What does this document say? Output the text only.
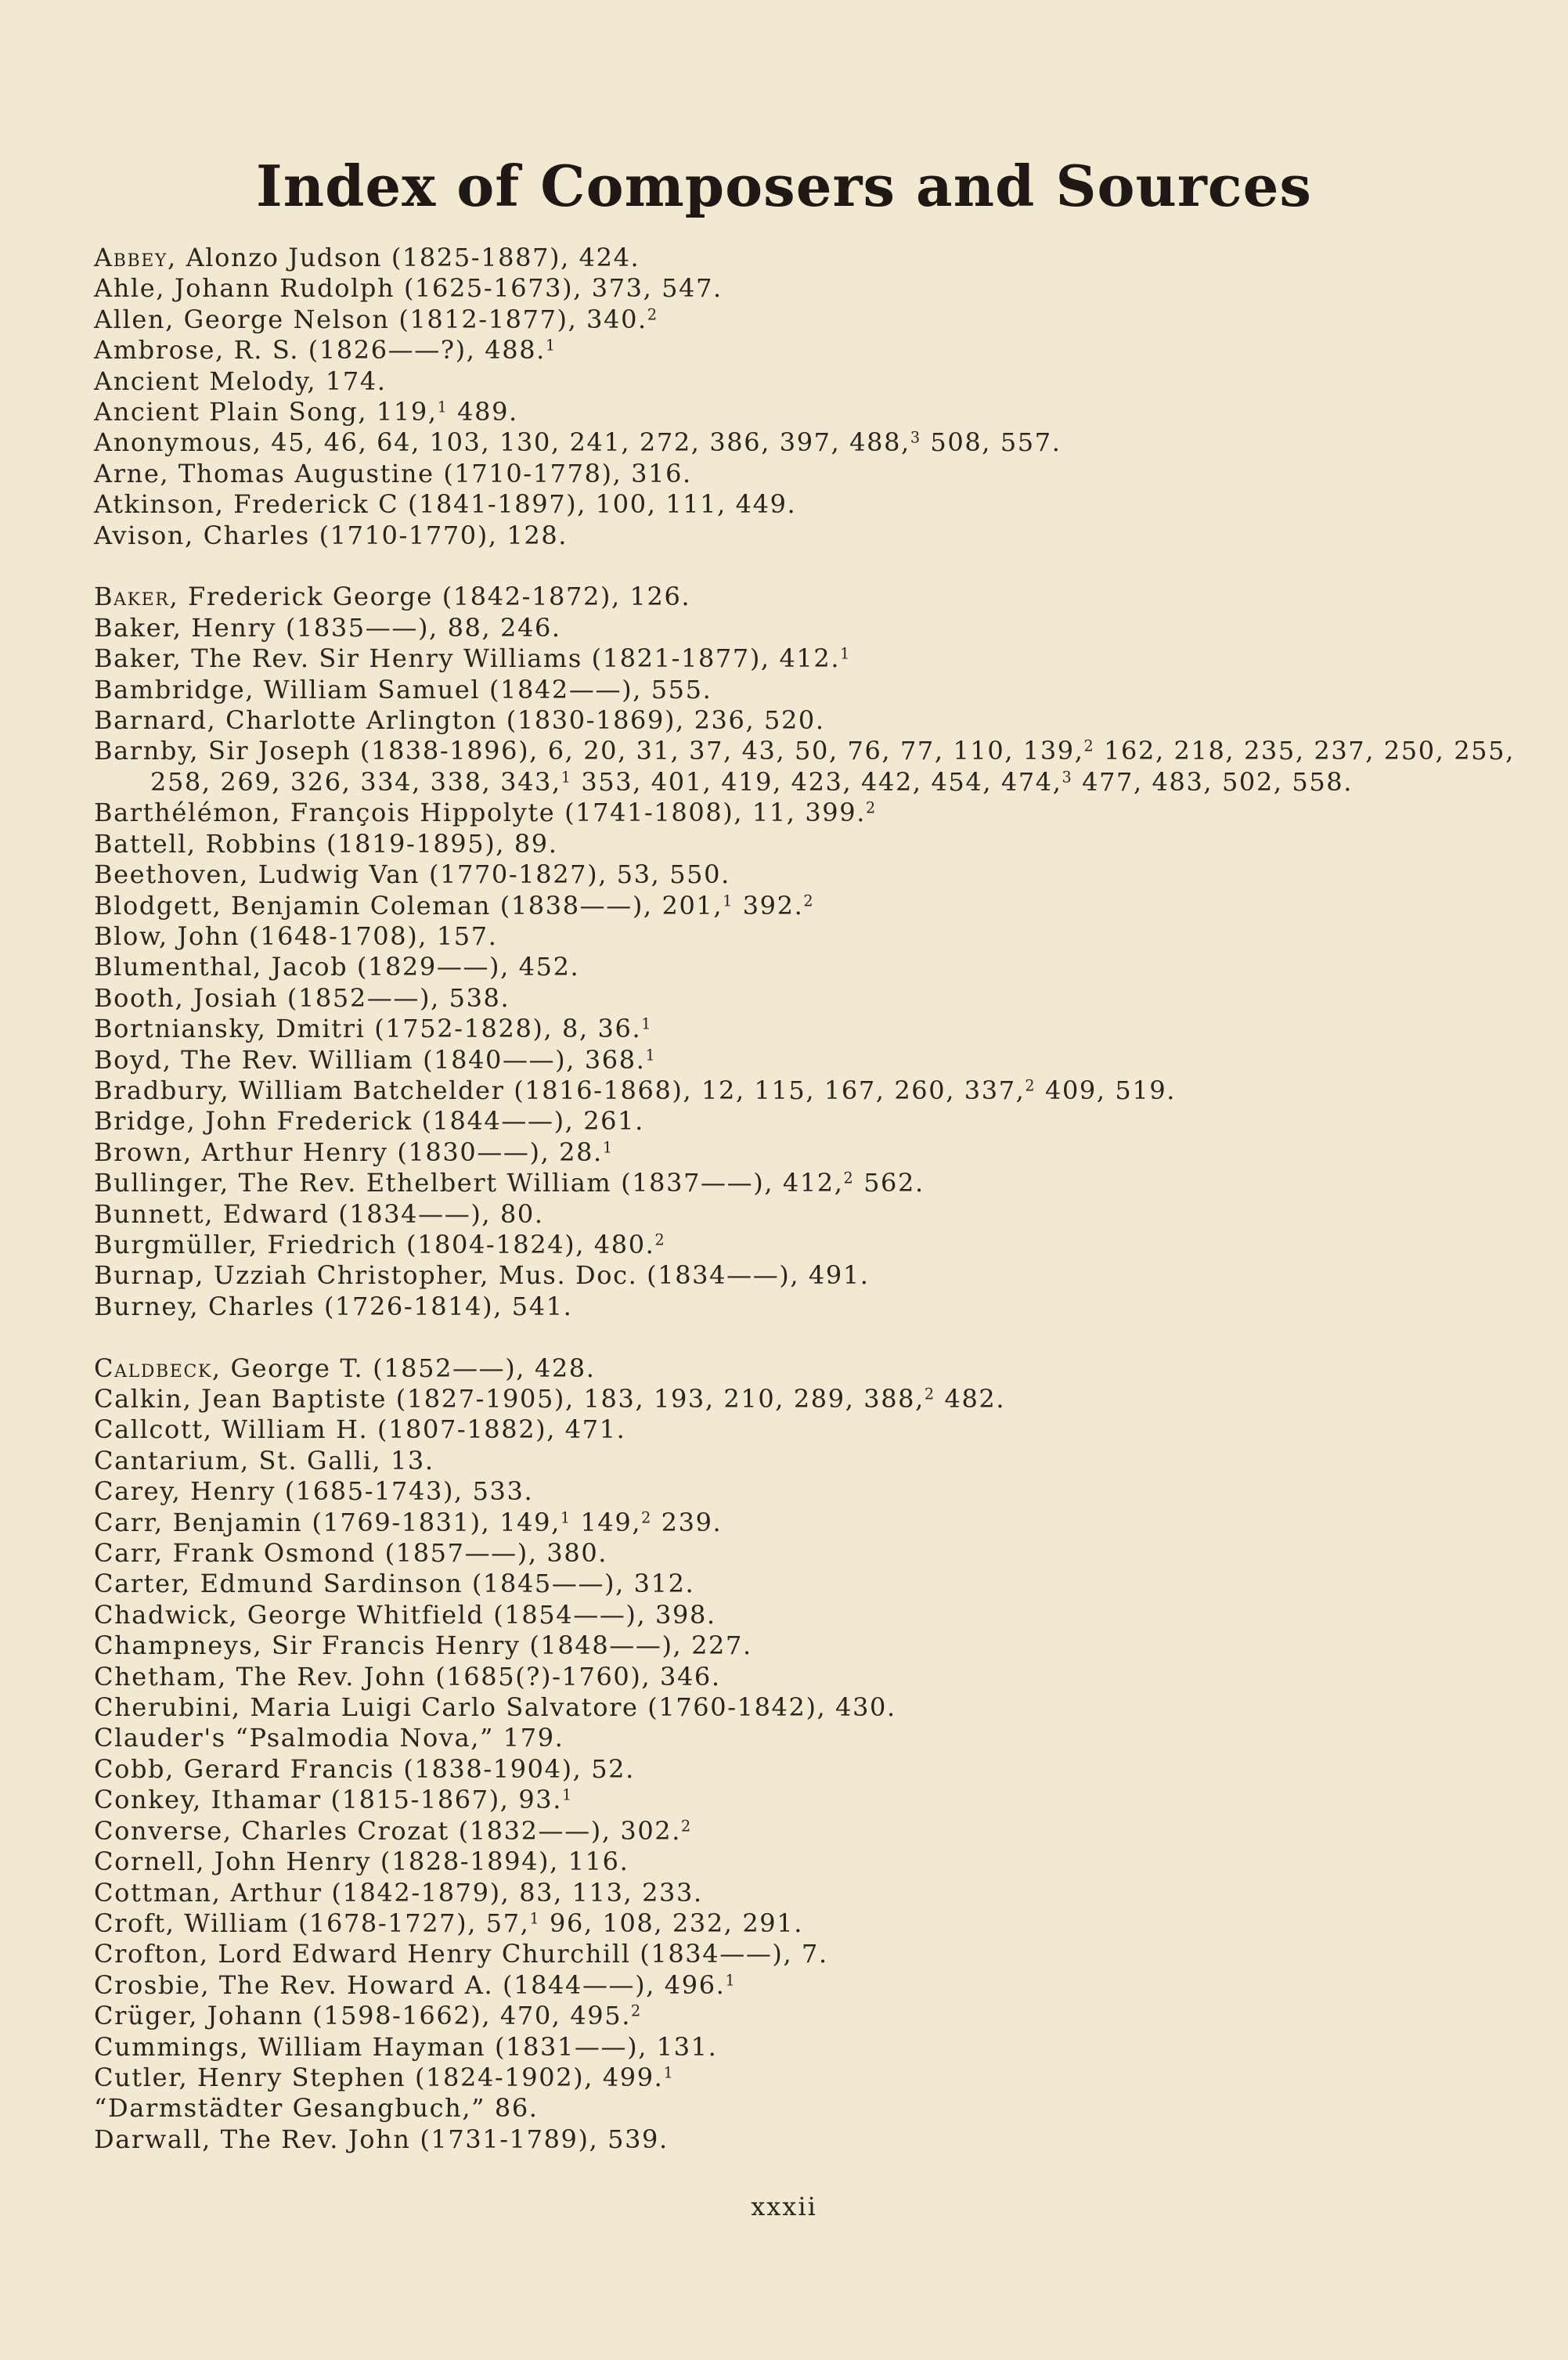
Index of Composers and Sources
Abbey, Alonzo Judson (1825-1887), 424.
Ahle, Johann Rudolph (1625-1673), 373, 547.
Allen, George Nelson (1812-1877), 340.$^2$
Ambrose, R. S. (1826——?), 488.$^1$
Ancient Melody, 174.
Ancient Plain Song, 119,$^1$ 489.
Anonymous, 45, 46, 64, 103, 130, 241, 272, 386, 397, 488,$^3$ 508, 557.
Arne, Thomas Augustine (1710-1778), 316.
Atkinson, Frederick C (1841-1897), 100, 111, 449.
Avison, Charles (1710-1770), 128.
Baker, Frederick George (1842-1872), 126.
Baker, Henry (1835——), 88, 246.
Baker, The Rev. Sir Henry Williams (1821-1877), 412.$^1$
Bambridge, William Samuel (1842——), 555.
Barnard, Charlotte Arlington (1830-1869), 236, 520.
Barnby, Sir Joseph (1838-1896), 6, 20, 31, 37, 43, 50, 76, 77, 110, 139,$^2$ 162, 218, 235, 237, 250, 255, 258, 269, 326, 334, 338, 343,$^1$ 353, 401, 419, 423, 442, 454, 474,$^3$ 477, 483, 502, 558.
Barthélémon, François Hippolyte (1741-1808), 11, 399.$^2$
Battell, Robbins (1819-1895), 89.
Beethoven, Ludwig Van (1770-1827), 53, 550.
Blodgett, Benjamin Coleman (1838——), 201,$^1$ 392.$^2$
Blow, John (1648-1708), 157.
Blumenthal, Jacob (1829——), 452.
Booth, Josiah (1852——), 538.
Bortniansky, Dmitri (1752-1828), 8, 36.$^1$
Boyd, The Rev. William (1840——), 368.$^1$
Bradbury, William Batchelder (1816-1868), 12, 115, 167, 260, 337,$^2$ 409, 519.
Bridge, John Frederick (1844——), 261.
Brown, Arthur Henry (1830——), 28.$^1$
Bullinger, The Rev. Ethelbert William (1837——), 412,$^2$ 562.
Bunnett, Edward (1834——), 80.
Burgmüller, Friedrich (1804-1824), 480.$^2$
Burnap, Uzziah Christopher, Mus. Doc. (1834——), 491.
Burney, Charles (1726-1814), 541.
Caldbeck, George T. (1852——), 428.
Calkin, Jean Baptiste (1827-1905), 183, 193, 210, 289, 388,$^2$ 482.
Callcott, William H. (1807-1882), 471.
Cantarium, St. Galli, 13.
Carey, Henry (1685-1743), 533.
Carr, Benjamin (1769-1831), 149,$^1$ 149,$^2$ 239.
Carr, Frank Osmond (1857——), 380.
Carter, Edmund Sardinson (1845——), 312.
Chadwick, George Whitfield (1854——), 398.
Champneys, Sir Francis Henry (1848——), 227.
Chetham, The Rev. John (1685(?)-1760), 346.
Cherubini, Maria Luigi Carlo Salvatore (1760-1842), 430.
Clauder's “Psalmodia Nova,” 179.
Cobb, Gerard Francis (1838-1904), 52.
Conkey, Ithamar (1815-1867), 93.$^1$
Converse, Charles Crozat (1832——), 302.$^2$
Cornell, John Henry (1828-1894), 116.
Cottman, Arthur (1842-1879), 83, 113, 233.
Croft, William (1678-1727), 57,$^1$ 96, 108, 232, 291.
Crofton, Lord Edward Henry Churchill (1834——), 7.
Crosbie, The Rev. Howard A. (1844——), 496.$^1$
Crüger, Johann (1598-1662), 470, 495.$^2$
Cummings, William Hayman (1831——), 131.
Cutler, Henry Stephen (1824-1902), 499.$^1$
“Darmstädter Gesangbuch,” 86.
Darwall, The Rev. John (1731-1789), 539.
xxxii
